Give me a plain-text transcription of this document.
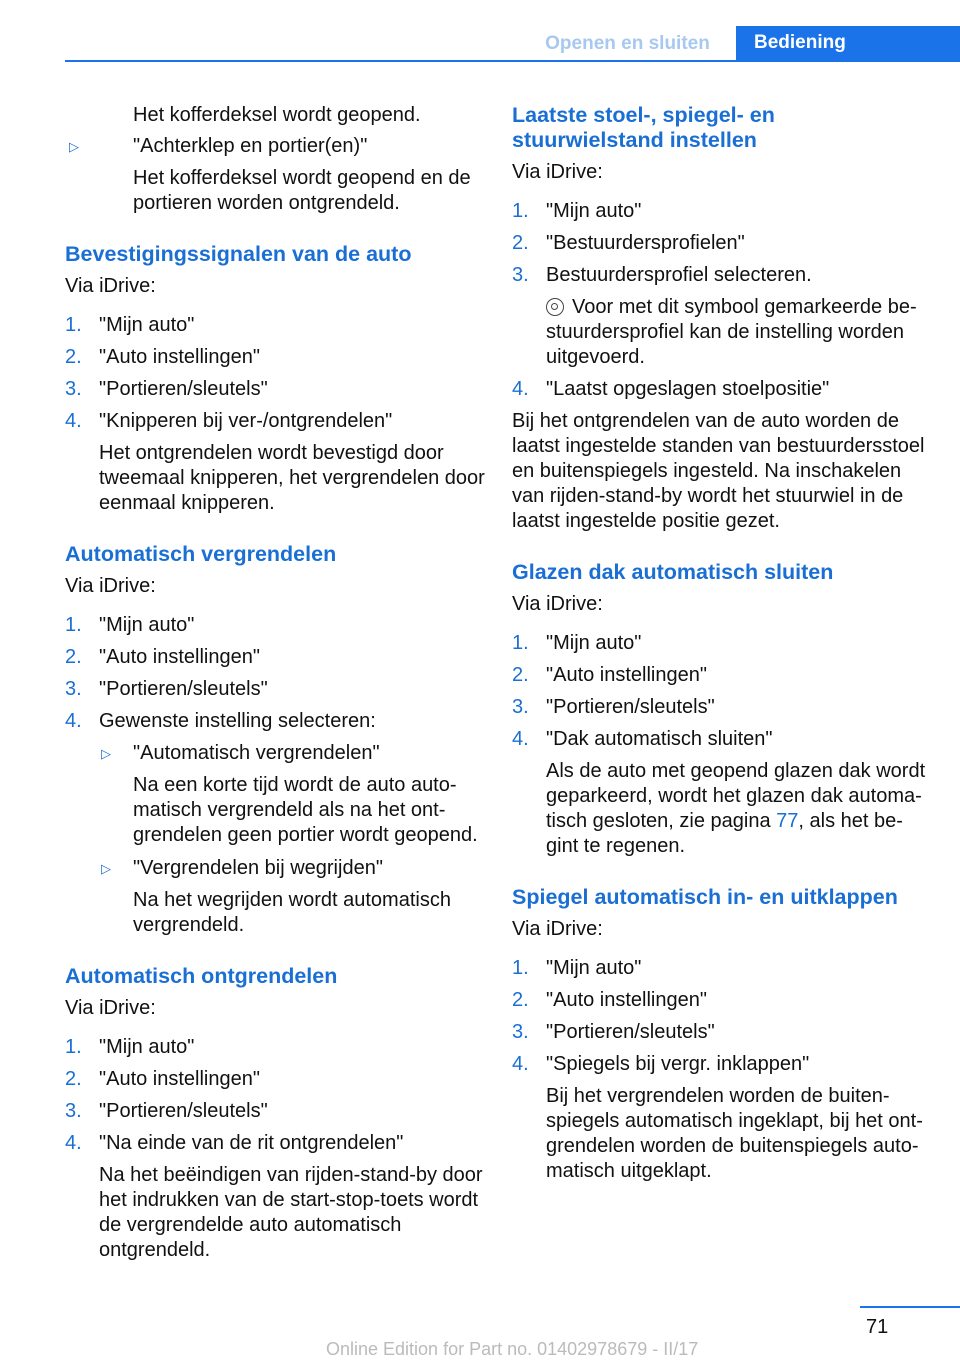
Openen en sluiten	Bediening

Het kofferdeksel wordt geopend.

▷	"Achterklep en portier(en)"

Het kofferdeksel wordt geopend en de portieren worden ontgrendeld.

Bevestigingssignalen van de auto

Via iDrive:

1. "Mijn auto"
2. "Auto instellingen"
3. "Portieren/sleutels"
4. "Knipperen bij ver-/ontgrendelen"

Het ontgrendelen wordt bevestigd door tweemaal knipperen, het vergrendelen door eenmaal knipperen.

Automatisch vergrendelen

Via iDrive:

1. "Mijn auto"
2. "Auto instellingen"
3. "Portieren/sleutels"
4. Gewenste instelling selecteren:
▷ "Automatisch vergrendelen"

Na een korte tijd wordt de auto auto-matisch vergrendeld als na het ont-grendelen geen portier wordt geopend.

▷ "Vergrendelen bij wegrijden"

Na het wegrijden wordt automatisch vergrendeld.

Automatisch ontgrendelen

Via iDrive:

1. "Mijn auto"
2. "Auto instellingen"
3. "Portieren/sleutels"
4. "Na einde van de rit ontgrendelen"

Na het beëindigen van rijden-stand-by door het indrukken van de start-stop-toets wordt de vergrendelde auto automatisch ontgrendeld.

Laatste stoel-, spiegel- en stuurwielstand instellen

Via iDrive:

1. "Mijn auto"
2. "Bestuurdersprofielen"
3. Bestuurdersprofiel selecteren.

Voor met dit symbool gemarkeerde be-stuurdersprofiel kan de instelling worden uitgevoerd.

4. "Laatst opgeslagen stoelpositie"

Bij het ontgrendelen van de auto worden de laatst ingestelde standen van bestuurdersstoel en buitenspiegels ingesteld. Na inschakelen van rijden-stand-by wordt het stuurwiel in de laatst ingestelde positie gezet.

Glazen dak automatisch sluiten

Via iDrive:

1. "Mijn auto"
2. "Auto instellingen"
3. "Portieren/sleutels"
4. "Dak automatisch sluiten"

Als de auto met geopend glazen dak wordt geparkeerd, wordt het glazen dak automa-tisch gesloten, zie pagina 77, als het be-gint te regenen.

Spiegel automatisch in- en uitklappen

Via iDrive:

1. "Mijn auto"
2. "Auto instellingen"
3. "Portieren/sleutels"
4. "Spiegels bij vergr. inklappen"

Bij het vergrendelen worden de buiten-spiegels automatisch ingeklapt, bij het ont-grendelen worden de buitenspiegels auto-matisch uitgeklapt.

71
Online Edition for Part no. 01402978679 - II/17
